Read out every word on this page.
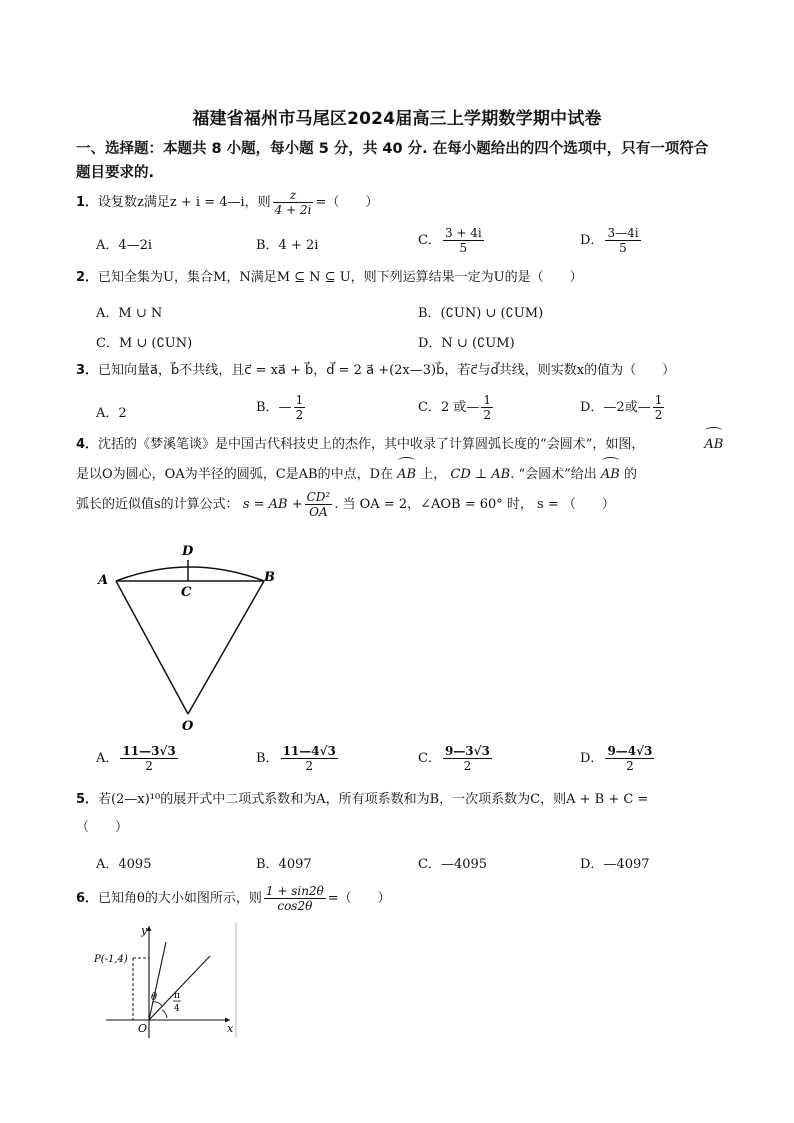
福建省福州市马尾区2024届高三上学期数学期中试卷
一、选择题：本题共 8 小题，每小题 5 分，共 40 分. 在每小题给出的四个选项中，只有一项符合
题目要求的.
1．设复数z满足z + i = 4—i，则 $\frac{z}{4 + 2i}$ =（　　）
A．4—2i	B．4 + 2i	C． $\frac{3 + 4i}{5}$	D． $\frac{3—4i}{5}$
2．已知全集为U，集合M，N满足M ⊆ N ⊆ U，则下列运算结果一定为U的是（　　）
A．M ∪ N	B．(∁UN) ∪ (∁UM)
C．M ∪ (∁UN)	D．N ∪ (∁UM)
3．已知向量a⃗，b⃗不共线，且c⃗ = xa⃗ + b⃗，d⃗ = 2 a⃗ +(2x—3)b⃗，若c⃗与d⃗共线，则实数x的值为（　　）
A．2	B．— $\frac{1}{2}$	C．2 或— $\frac{1}{2}$	D．—2或— $\frac{1}{2}$
4．沈括的《梦溪笔谈》是中国古代科技史上的杰作，其中收录了计算圆弧长度的“会圆术”，如图，	AB
是以O为圆心，OA为半径的圆弧，C是AB的中点，D在 AB 上， CD ⊥ AB. “会圆术”给出 AB 的
弧长的近似值s的计算公式： s = AB + $\frac{\text{CD²}}{OA}$ . 当 OA = 2，∠AOB = 60° 时， s = （　　）
A	B
C
D
O
A． $\frac{11—3√3}{2}$	B． $\frac{11—4√3}{2}$	C． $\frac{9—3√3}{2}$	D． $\frac{9—4√3}{2}$
5．若(2—x)¹⁰的展开式中二项式系数和为A，所有项系数和为B，一次项系数为C，则A + B + C =
（　　）
A．4095	B．4097	C．—4095	D．—4097
6．已知角θ的大小如图所示，则 $\frac{1 + \sin 2\theta}{\cos 2\theta}$ =（　　）
y
x
O
P(-1,4)
θ π
4
